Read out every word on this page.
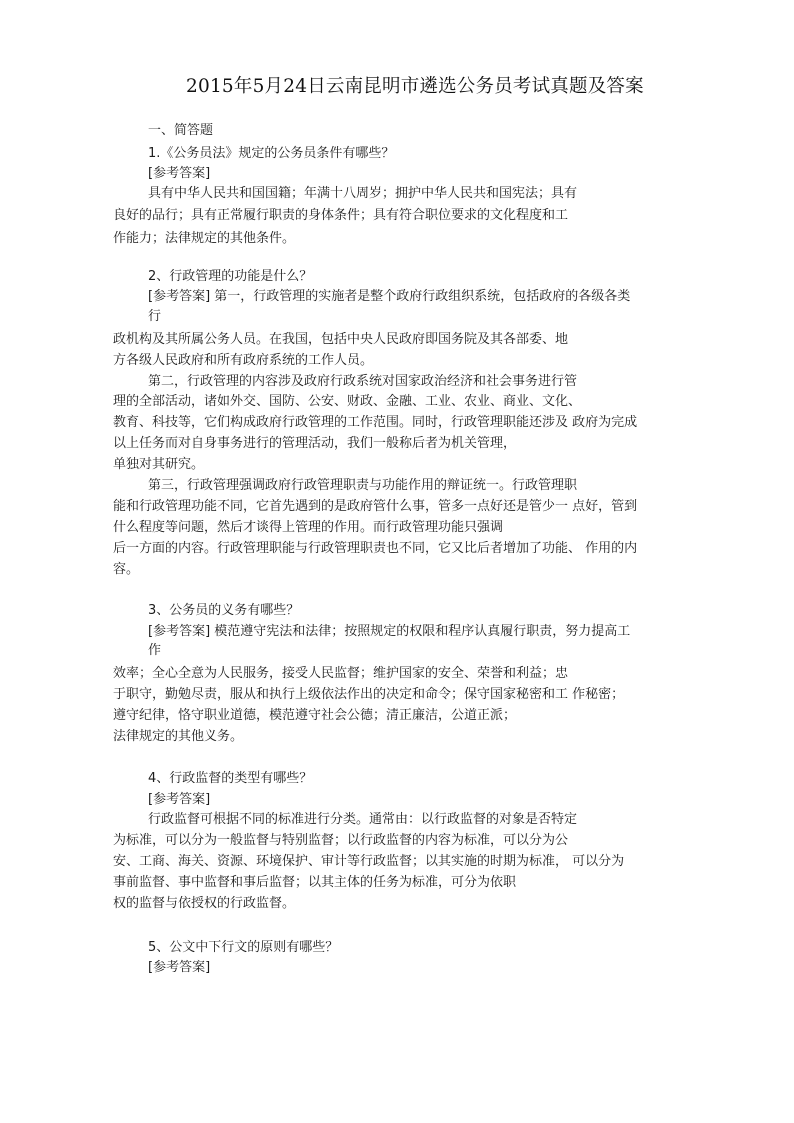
2015年5月24日云南昆明市遴选公务员考试真题及答案
一、简答题
1.《公务员法》规定的公务员条件有哪些？
[参考答案]
具有中华人民共和国国籍；年满十八周岁；拥护中华人民共和国宪法；具有
良好的品行；具有正常履行职责的身体条件；具有符合职位要求的文化程度和工
作能力；法律规定的其他条件。
2、行政管理的功能是什么？
[参考答案] 第一，行政管理的实施者是整个政府行政组织系统，包括政府的各级各类
行
政机构及其所属公务人员。在我国，包括中央人民政府即国务院及其各部委、地
方各级人民政府和所有政府系统的工作人员。
第二，行政管理的内容涉及政府行政系统对国家政治经济和社会事务进行管
理的全部活动，诸如外交、国防、公安、财政、金融、工业、农业、商业、文化、
教育、科技等，它们构成政府行政管理的工作范围。同时，行政管理职能还涉及 政府为完成
以上任务而对自身事务进行的管理活动，我们一般称后者为机关管理，
单独对其研究。
第三，行政管理强调政府行政管理职责与功能作用的辩证统一。行政管理职
能和行政管理功能不同，它首先遇到的是政府管什么事，管多一点好还是管少一 点好，管到
什么程度等问题，然后才谈得上管理的作用。而行政管理功能只强调
后一方面的内容。行政管理职能与行政管理职责也不同，它又比后者增加了功能、 作用的内
容。
3、公务员的义务有哪些？
[参考答案] 模范遵守宪法和法律；按照规定的权限和程序认真履行职责，努力提高工
作
效率；全心全意为人民服务，接受人民监督；维护国家的安全、荣誉和利益；忠
于职守，勤勉尽责，服从和执行上级依法作出的决定和命令；保守国家秘密和工 作秘密；
遵守纪律，恪守职业道德，模范遵守社会公德；清正廉洁，公道正派；
法律规定的其他义务。
4、行政监督的类型有哪些？
[参考答案]
行政监督可根据不同的标准进行分类。通常由：以行政监督的对象是否特定
为标准，可以分为一般监督与特别监督；以行政监督的内容为标准，可以分为公
安、工商、海关、资源、环境保护、审计等行政监督；以其实施的时期为标准， 可以分为
事前监督、事中监督和事后监督；以其主体的任务为标准，可分为依职
权的监督与依授权的行政监督。
5、公文中下行文的原则有哪些？
[参考答案]
